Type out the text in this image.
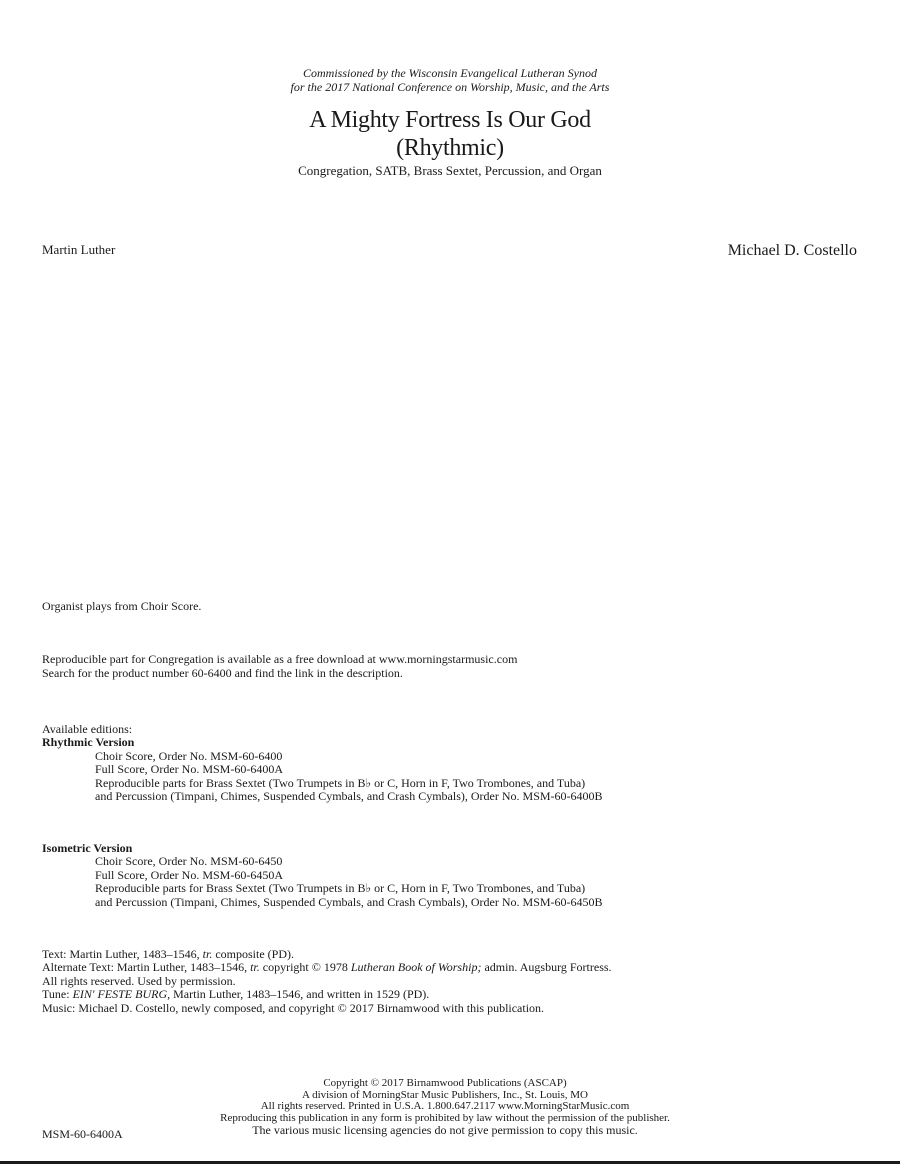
Commissioned by the Wisconsin Evangelical Lutheran Synod
for the 2017 National Conference on Worship, Music, and the Arts
A Mighty Fortress Is Our God
(Rhythmic)
Congregation, SATB, Brass Sextet, Percussion, and Organ
Martin Luther	Michael D. Costello
Organist plays from Choir Score.
Reproducible part for Congregation is available as a free download at www.morningstarmusic.com
Search for the product number 60-6400 and find the link in the description.
Available editions:
Rhythmic Version
Choir Score, Order No. MSM-60-6400
Full Score, Order No. MSM-60-6400A
Reproducible parts for Brass Sextet (Two Trumpets in B♭ or C, Horn in F, Two Trombones, and Tuba)
and Percussion (Timpani, Chimes, Suspended Cymbals, and Crash Cymbals), Order No. MSM-60-6400B
Isometric Version
Choir Score, Order No. MSM-60-6450
Full Score, Order No. MSM-60-6450A
Reproducible parts for Brass Sextet (Two Trumpets in B♭ or C, Horn in F, Two Trombones, and Tuba)
and Percussion (Timpani, Chimes, Suspended Cymbals, and Crash Cymbals), Order No. MSM-60-6450B
Text: Martin Luther, 1483–1546, tr. composite (PD).
Alternate Text: Martin Luther, 1483–1546, tr. copyright © 1978 Lutheran Book of Worship; admin. Augsburg Fortress.
All rights reserved. Used by permission.
Tune: EIN' FESTE BURG, Martin Luther, 1483–1546, and written in 1529 (PD).
Music: Michael D. Costello, newly composed, and copyright © 2017 Birnamwood with this publication.
Copyright © 2017 Birnamwood Publications (ASCAP)
A division of MorningStar Music Publishers, Inc., St. Louis, MO
All rights reserved. Printed in U.S.A. 1.800.647.2117 www.MorningStarMusic.com
Reproducing this publication in any form is prohibited by law without the permission of the publisher.
The various music licensing agencies do not give permission to copy this music.
MSM-60-6400A
